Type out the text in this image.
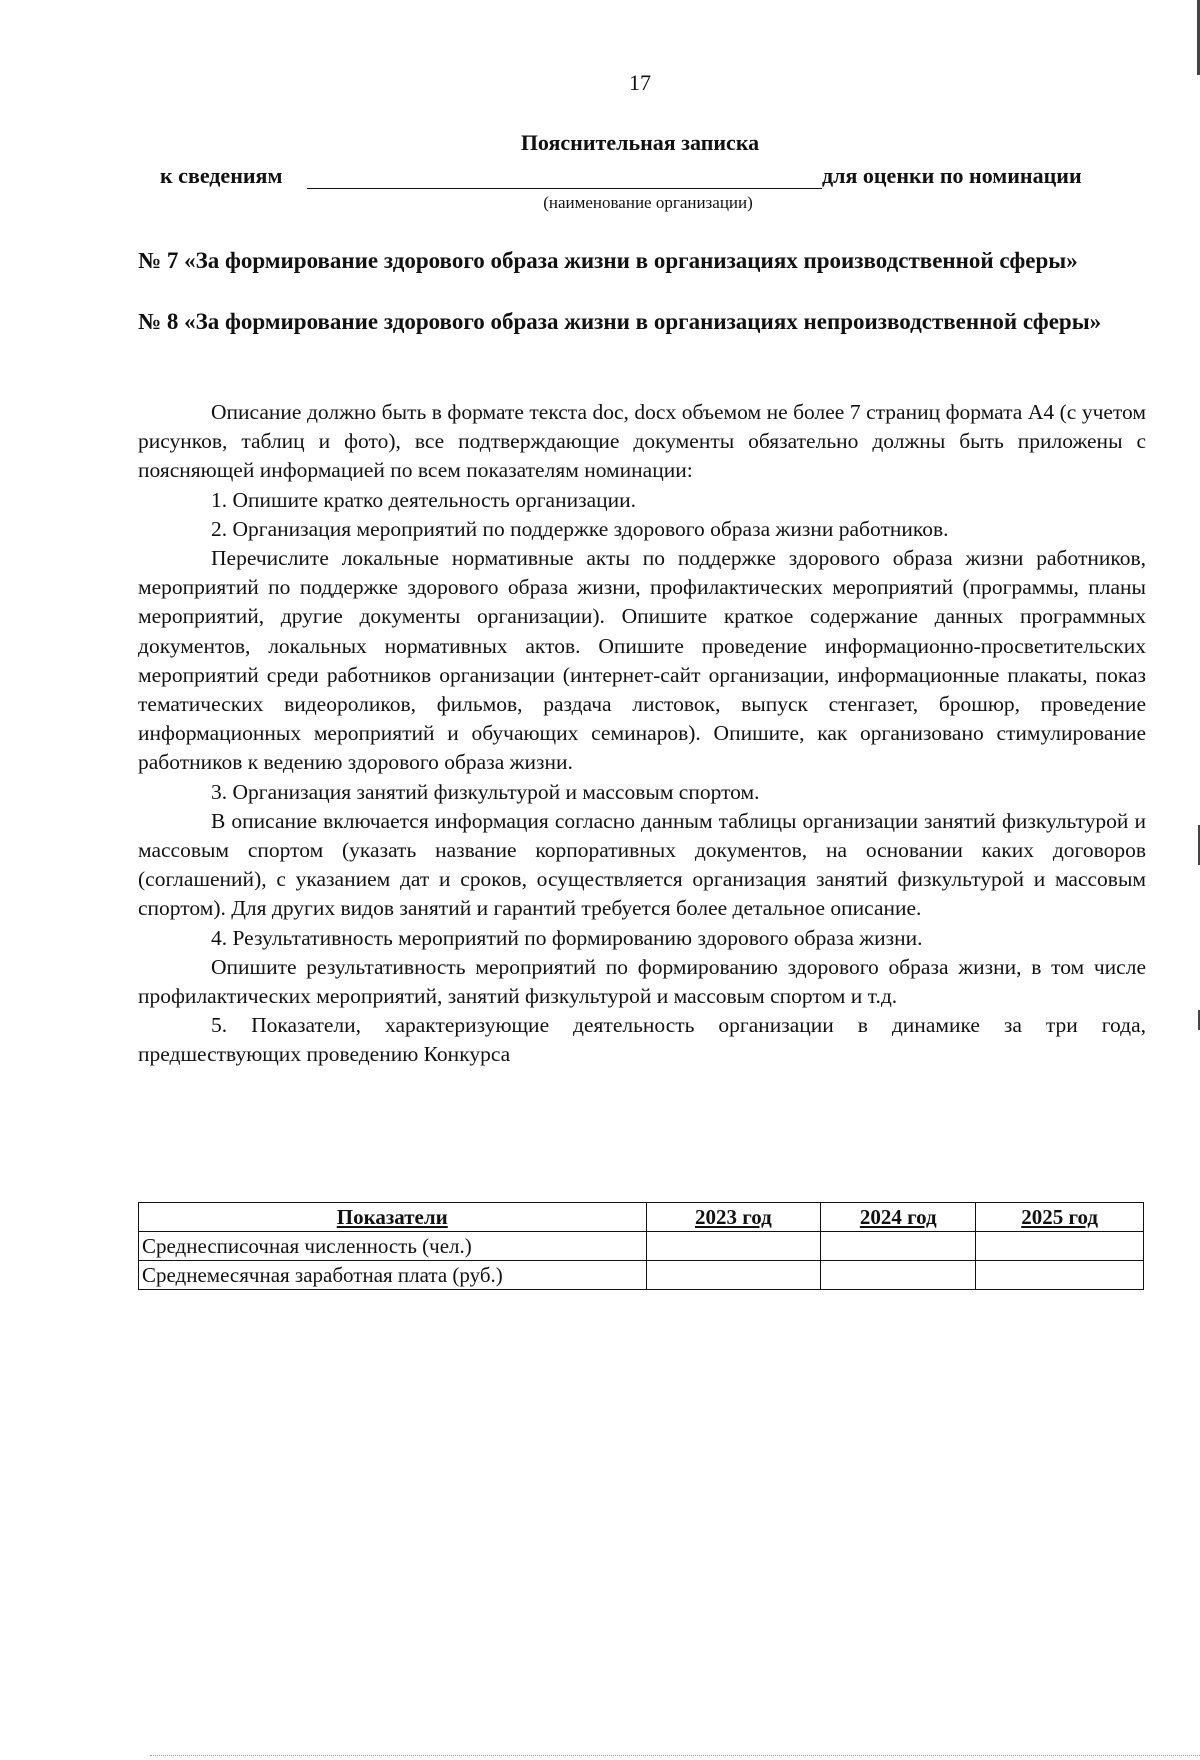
17
Пояснительная записка
к сведениям	для оценки по номинации
(наименование организации)
№ 7 «За формирование здорового образа жизни в организациях производственной сферы»
№ 8 «За формирование здорового образа жизни в организациях непроизводственной сферы»

Описание должно быть в формате текста doc, docx объемом не более 7 страниц формата А4 (с учетом рисунков, таблиц и фото), все подтверждающие документы обязательно должны быть приложены с поясняющей информацией по всем показателям номинации:

1. Опишите кратко деятельность организации.

2. Организация мероприятий по поддержке здорового образа жизни работников.

Перечислите локальные нормативные акты по поддержке здорового образа жизни работников, мероприятий по поддержке здорового образа жизни, профилактических мероприятий (программы, планы мероприятий, другие документы организации). Опишите краткое содержание данных программных документов, локальных нормативных актов. Опишите проведение информационно-просветительских мероприятий среди работников организации (интернет-сайт организации, информационные плакаты, показ тематических видеороликов, фильмов, раздача листовок, выпуск стенгазет, брошюр, проведение информационных мероприятий и обучающих семинаров). Опишите, как организовано стимулирование работников к ведению здорового образа жизни.

3. Организация занятий физкультурой и массовым спортом.

В описание включается информация согласно данным таблицы организации занятий физкультурой и массовым спортом (указать название корпоративных документов, на основании каких договоров (соглашений), с указанием дат и сроков, осуществляется организация занятий физкультурой и массовым спортом). Для других видов занятий и гарантий требуется более детальное описание.

4. Результативность мероприятий по формированию здорового образа жизни.

Опишите результативность мероприятий по формированию здорового образа жизни, в том числе профилактических мероприятий, занятий физкультурой и массовым спортом и т.д.

5. Показатели, характеризующие деятельность организации в динамике за три года, предшествующих проведению Конкурса

Показатели	2023 год	2024 год	2025 год
Среднесписочная численность (чел.)			
Среднемесячная заработная плата (руб.)			
